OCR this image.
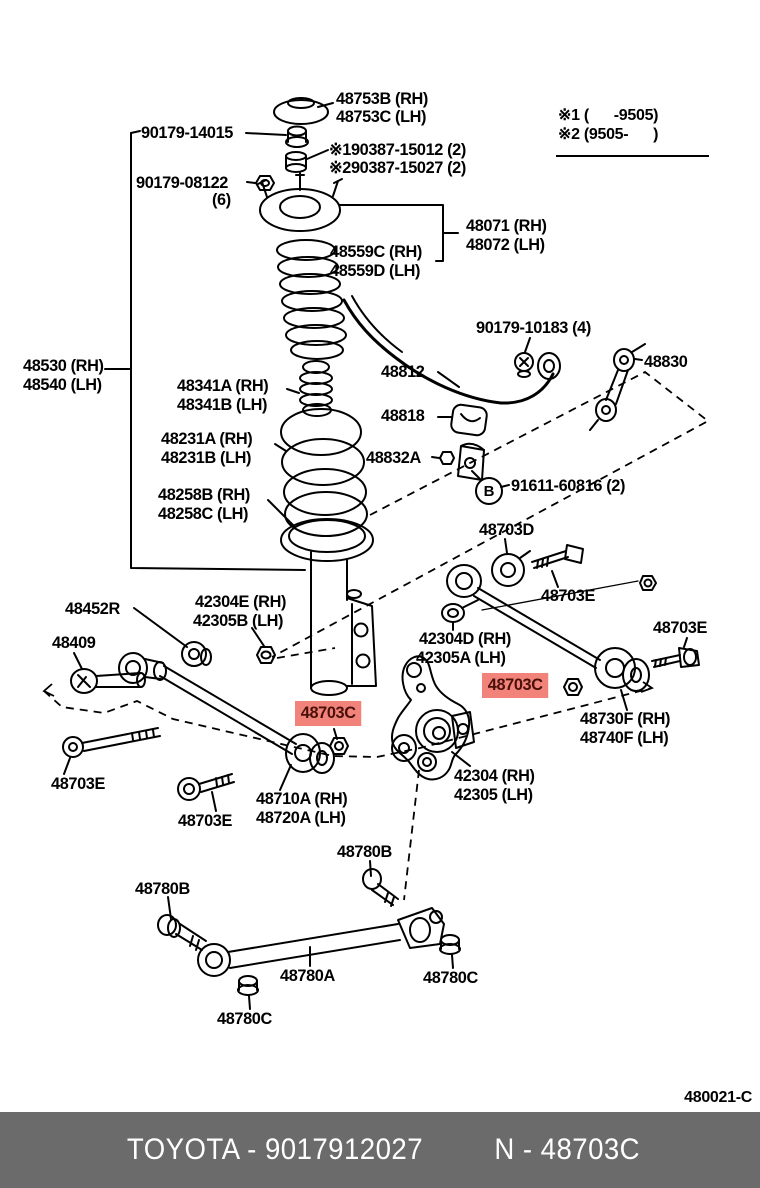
48753B (RH)
48753C (LH)
90179-14015
※190387-15012 (2)
※290387-15027 (2)
90179-08122
(6)
48071 (RH)
48072 (LH)
48559C (RH)
48559D (LH)
90179-10183 (4)
48530 (RH)
48540 (LH)
48812
48830
48341A (RH)
48341B (LH)
48818
48231A (RH)
48231B (LH)	48832A
91611-60816 (2)
48258B (RH)
48258C (LH)
48703D
48703E
42304E (RH)
42305B (LH)
48452R
48703E
42304D (RH)
42305A (LH)
48409
48703C
48730F (RH)
48740F (LH)
48703C
42304 (RH)
42305 (LH)
48703E
48710A (RH)
48720A (LH)
48703E
48780B
48780B
48780A	48780C
48780C
B
※1 (      -9505)
※2 (9505-      )
480021-C
TOYOTA - 9017912027 N - 48703C
